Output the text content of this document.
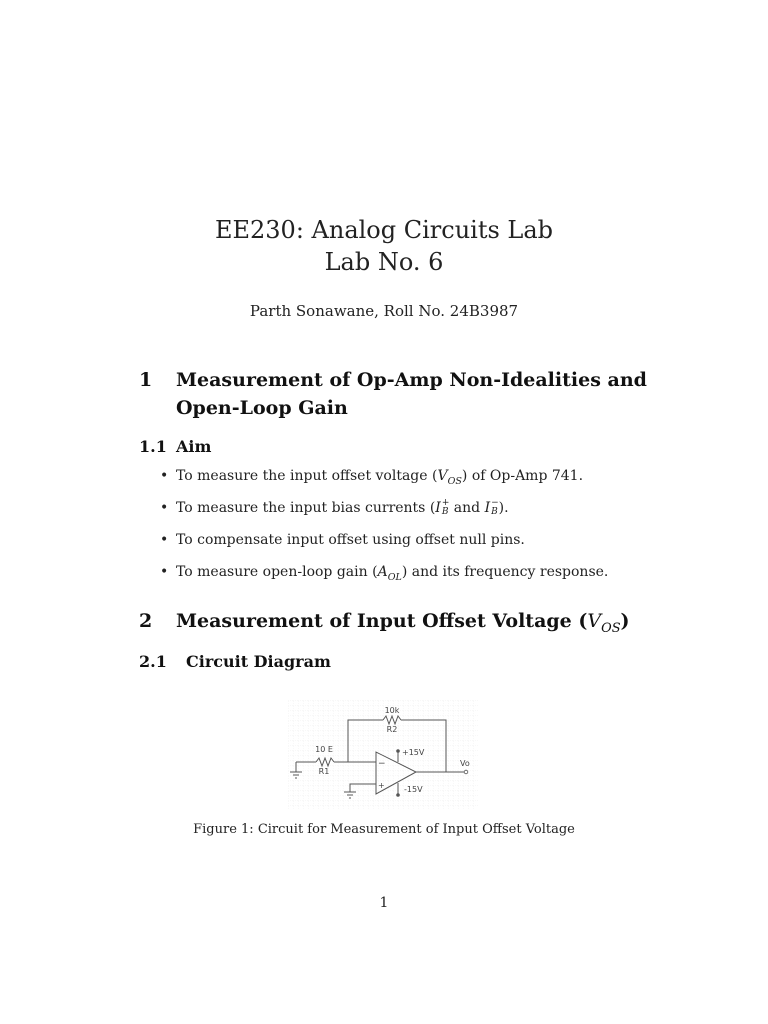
EE230: Analog Circuits Lab
Lab No. 6
Parth Sonawane, Roll No. 24B3987
1 Measurement of Op-Amp Non-Idealities and
Open-Loop Gain
1.1 Aim
• To measure the input offset voltage $(V_{OS})$ of Op-Amp 741.
• To measure the input bias currents (I +
B and I −
B ).
• To compensate input offset using offset null pins.
• To measure open-loop gain $(A_{OL})$ and its frequency response.
2 Measurement of Input Offset Voltage $(V_{OS})$
2.1 Circuit Diagram
10k
R2
10 E
R1
+15V
-15V
Vo
−
+
Figure 1: Circuit for Measurement of Input Offset Voltage
1
